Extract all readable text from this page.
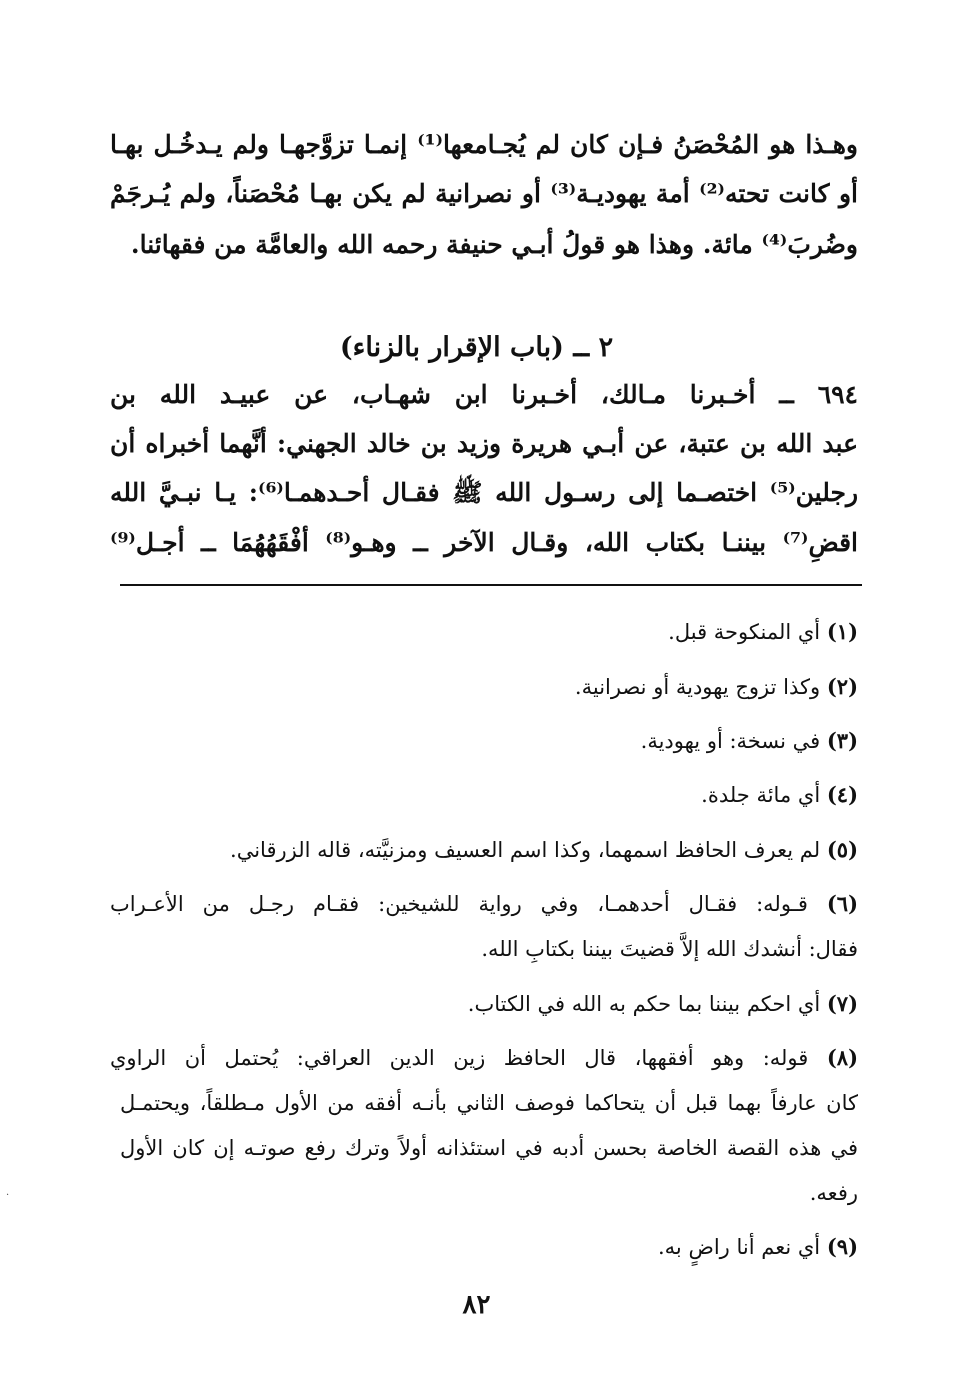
وهـذا هو المُحْصَنُ فـإن كان لم يُجـامعها⁽¹⁾ إنمـا تزوَّجهـا ولم يـدخُـل بهـا

أو كانت تحته⁽²⁾ أمة يهوديـة⁽³⁾ أو نصرانية لم يكن بهـا مُحْصَناً، ولم يُـرجَمْ

وضُربَ⁽⁴⁾ مائة. وهذا هو قولُ أبـي حنيفة رحمه الله والعامَّة من فقهائنا.

٢ ــ (باب الإقرار بالزناء)

٦٩٤ ــ أخـبرنا مـالك، أخـبرنا ابن شهـاب، عن عبيـد الله بن

عبد الله بن عتبة، عن أبـي هريرة وزيد بن خالد الجهني: أنَّهما أخبراه أن

رجلين⁽⁵⁾ اختصـما إلى رسـول الله ﷺ فقـال أحـدهمـا⁽⁶⁾: يـا نبـيَّ الله

اقضِ⁽⁷⁾ بيننـا بكتاب الله، وقـال الآخر ــ وهـو⁽⁸⁾ أفْقَهُهُمَا ــ أجـل⁽⁹⁾

(١) أي المنكوحة قبل.

(٢) وكذا تزوج يهودية أو نصرانية.

(٣) في نسخة: أو يهودية.

(٤) أي مائة جلدة.

(٥) لم يعرف الحافظ اسمهما، وكذا اسم العسيف ومزنيَّته، قاله الزرقاني.

(٦) قـوله: فقـال أحدهمـا، وفي رواية للشيخين: فقـام رجـل من الأعـراب

فقال: أنشدك الله إلاَّ قضيتَ بيننا بكتابِ الله.

(٧) أي احكم بيننا بما حكم به الله في الكتاب.

(٨) قوله: وهو أفقهها، قال الحافظ زين الدين العراقي: يُحتمل أن الراوي

كان عارفاً بهما قبل أن يتحاكما فوصف الثاني بأنـه أفقه من الأول مـطلقاً، ويحتمـل

في هذه القصة الخاصة بحسن أدبه في استئذانه أولاً وترك رفع صوتـه إن كان الأول

رفعه.

(٩) أي نعم أنا راضٍ به.

٨٢
·
